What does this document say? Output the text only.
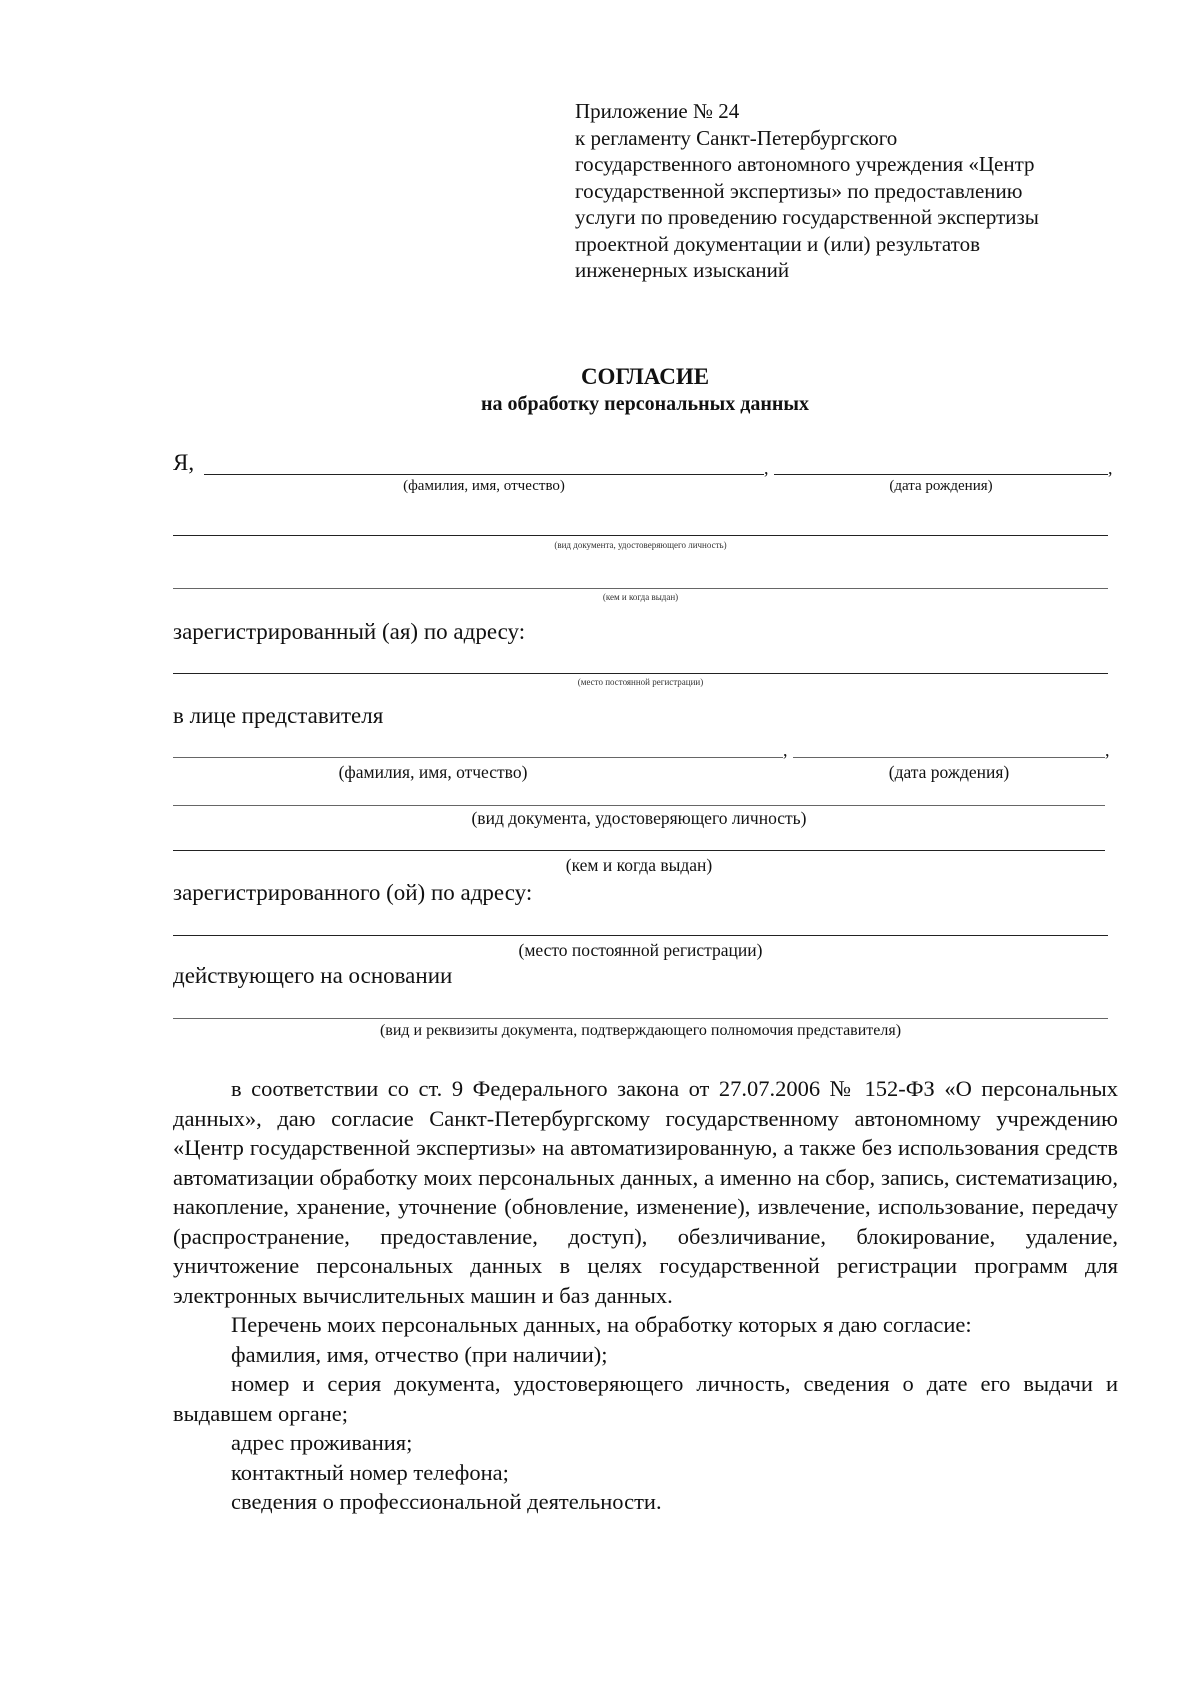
Приложение № 24
к регламенту Санкт-Петербургского
государственного автономного учреждения «Центр
государственной экспертизы» по предоставлению
услуги по проведению государственной экспертизы
проектной документации и (или) результатов
инженерных изысканий
СОГЛАСИЕ
на обработку персональных данных
Я,	,	,
(фамилия, имя, отчество)	(дата рождения)
(вид документа, удостоверяющего личность)
(кем и когда выдан)
зарегистрированный (ая) по адресу:
(место постоянной регистрации)
в лице представителя
,	,
(фамилия, имя, отчество)	(дата рождения)
(вид документа, удостоверяющего личность)
(кем и когда выдан)
зарегистрированного (ой) по адресу:
(место постоянной регистрации)
действующего на основании
(вид и реквизиты документа, подтверждающего полномочия представителя)

в соответствии со ст. 9 Федерального закона от 27.07.2006 № 152-ФЗ «О персональных данных», даю согласие Санкт-Петербургскому государственному автономному учреждению «Центр государственной экспертизы» на автоматизированную, а также без использования средств автоматизации обработку моих персональных данных, а именно на сбор, запись, систематизацию, накопление, хранение, уточнение (обновление, изменение), извлечение, использование, передачу (распространение, предоставление, доступ), обезличивание, блокирование, удаление, уничтожение персональных данных в целях государственной регистрации программ для электронных вычислительных машин и баз данных.

Перечень моих персональных данных, на обработку которых я даю согласие:

фамилия, имя, отчество (при наличии);

номер и серия документа, удостоверяющего личность, сведения о дате его выдачи и выдавшем органе;

адрес проживания;

контактный номер телефона;

сведения о профессиональной деятельности.
